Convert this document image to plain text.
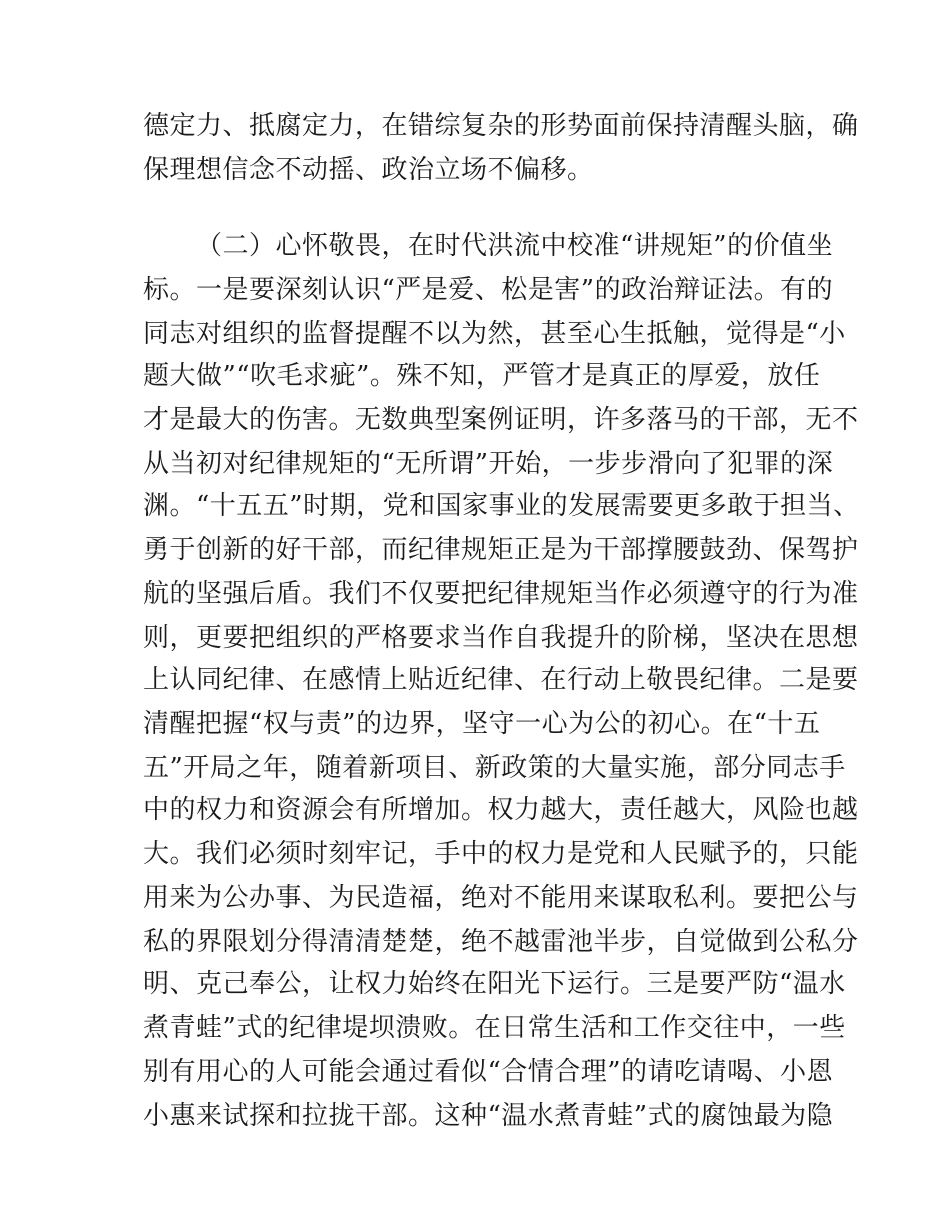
德定力、抵腐定力，在错综复杂的形势面前保持清醒头脑，确
保理想信念不动摇、政治立场不偏移。
（二）心怀敬畏，在时代洪流中校准“讲规矩”的价值坐
标。一是要深刻认识“严是爱、松是害”的政治辩证法。有的
同志对组织的监督提醒不以为然，甚至心生抵触，觉得是“小
题大做”“吹毛求疵”。殊不知，严管才是真正的厚爱，放任
才是最大的伤害。无数典型案例证明，许多落马的干部，无不
从当初对纪律规矩的“无所谓”开始，一步步滑向了犯罪的深
渊。“十五五”时期，党和国家事业的发展需要更多敢于担当、
勇于创新的好干部，而纪律规矩正是为干部撑腰鼓劲、保驾护
航的坚强后盾。我们不仅要把纪律规矩当作必须遵守的行为准
则，更要把组织的严格要求当作自我提升的阶梯，坚决在思想
上认同纪律、在感情上贴近纪律、在行动上敬畏纪律。二是要
清醒把握“权与责”的边界，坚守一心为公的初心。在“十五
五”开局之年，随着新项目、新政策的大量实施，部分同志手
中的权力和资源会有所增加。权力越大，责任越大，风险也越
大。我们必须时刻牢记，手中的权力是党和人民赋予的，只能
用来为公办事、为民造福，绝对不能用来谋取私利。要把公与
私的界限划分得清清楚楚，绝不越雷池半步，自觉做到公私分
明、克己奉公，让权力始终在阳光下运行。三是要严防“温水
煮青蛙”式的纪律堤坝溃败。在日常生活和工作交往中，一些
别有用心的人可能会通过看似“合情合理”的请吃请喝、小恩
小惠来试探和拉拢干部。这种“温水煮青蛙”式的腐蚀最为隐
